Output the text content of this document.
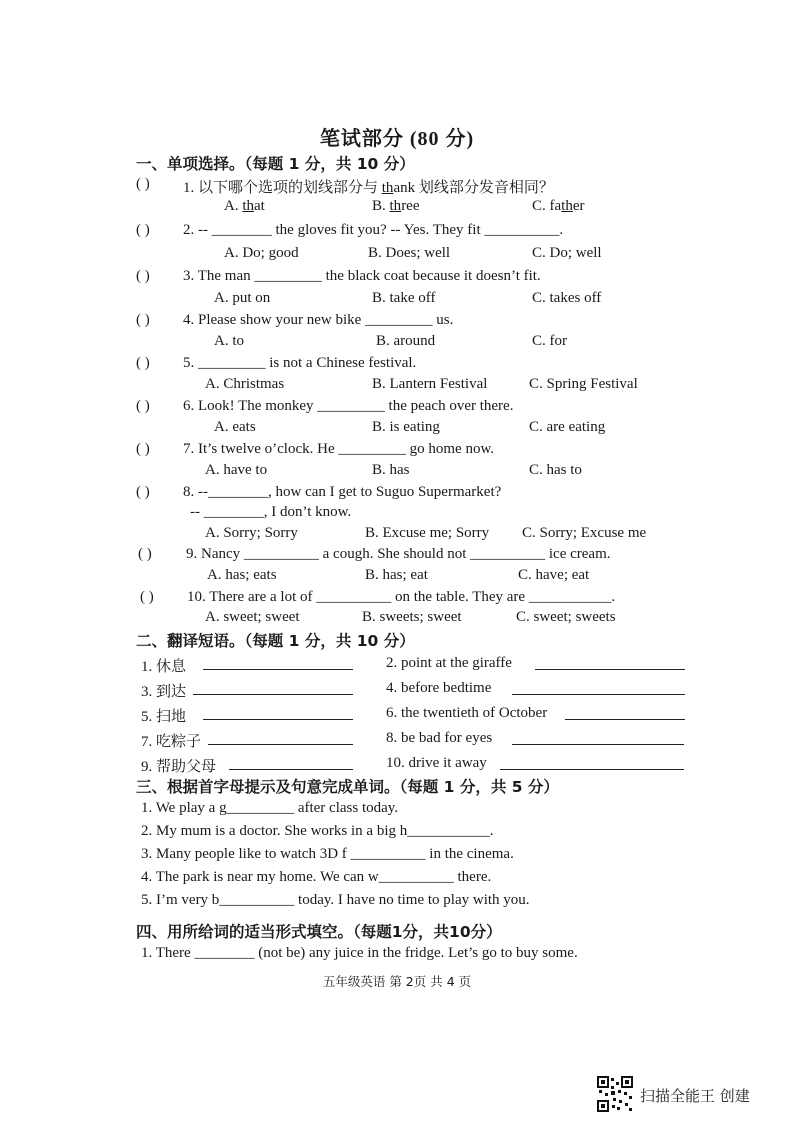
笔试部分 (80 分)
一、单项选择。（每题 1 分，共 10 分）
( ) 1. 以下哪个选项的划线部分与 thank 划线部分发音相同？
A. that	B. three	C. father
( ) 2. -- ________ the gloves fit you? -- Yes. They fit __________.
A. Do; good	B. Does; well	C. Do; well
( ) 3. The man _________ the black coat because it doesn’t fit.
A. put on	B. take off	C. takes off
( ) 4. Please show your new bike _________ us.
A. to	B. around	C. for
( ) 5. _________ is not a Chinese festival.
A. Christmas	B. Lantern Festival	C. Spring Festival
( ) 6. Look! The monkey _________ the peach over there.
A. eats	B. is eating	C. are eating
( ) 7. It’s twelve o’clock. He _________ go home now.
A. have to	B. has	C. has to
( ) 8. --________, how can I get to Suguo Supermarket?
-- ________, I don’t know.
A. Sorry; Sorry	B. Excuse me; Sorry C. Sorry; Excuse me
( ) 9. Nancy __________ a cough. She should not __________ ice cream.
A. has; eats	B. has; eat	C. have; eat
( ) 10. There are a lot of __________ on the table. They are ___________.
A. sweet; sweet	B. sweets; sweet	C. sweet; sweets
二、翻译短语。（每题 1 分，共 10 分）
1. 休息	2. point at the giraffe
3. 到达	4. before bedtime
5. 扫地	6. the twentieth of October
7. 吃粽子	8. be bad for eyes
9. 帮助父母	10. drive it away
三、根据首字母提示及句意完成单词。（每题 1 分，共 5 分）
1. We play a g_________ after class today.
2. My mum is a doctor. She works in a big h___________.
3. Many people like to watch 3D f __________ in the cinema.
4. The park is near my home. We can w__________ there.
5. I’m very b__________ today. I have no time to play with you.
四、用所给词的适当形式填空。（每题1分，共10分）
1. There ________ (not be) any juice in the fridge. Let’s go to buy some.
五年级英语 第 2页 共 4 页
扫描全能王 创建
